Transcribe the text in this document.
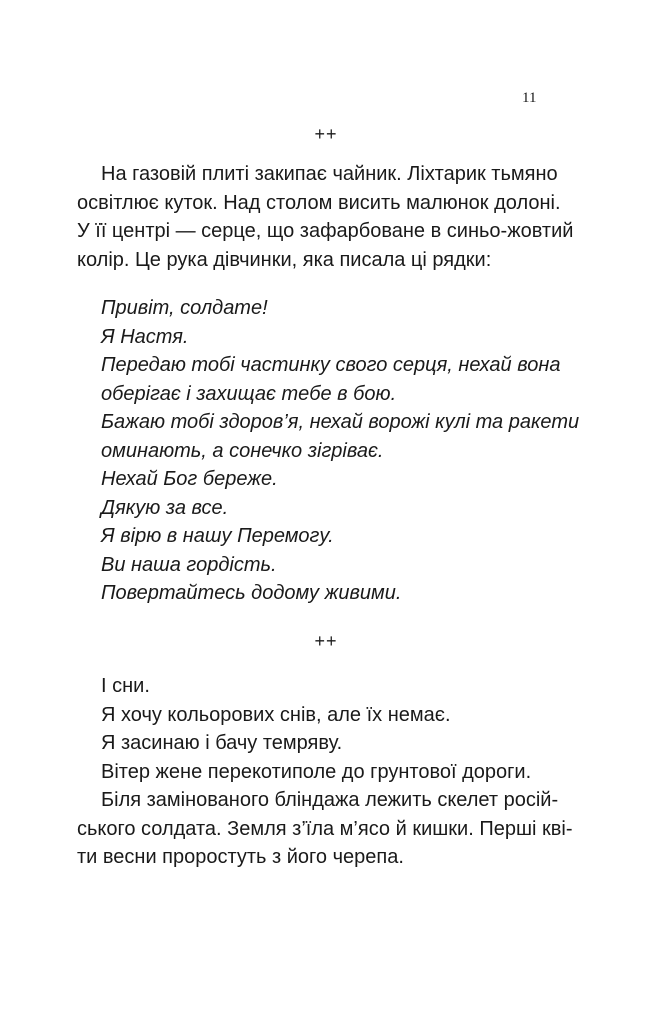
11
++
На газовій плиті закипає чайник. Ліхтарик тьмяно
освітлює куток. Над столом висить малюнок долоні.
У її центрі — серце, що зафарбоване в синьо-жовтий
колір. Це рука дівчинки, яка писала ці рядки:
Привіт, солдате!
Я Настя.
Передаю тобі частинку свого серця, нехай вона
оберігає і захищає тебе в бою.
Бажаю тобі здоров’я, нехай ворожі кулі та ракети
оминають, а сонечко зігріває.
Нехай Бог береже.
Дякую за все.
Я вірю в нашу Перемогу.
Ви наша гордість.
Повертайтесь додому живими.
++
І сни.
Я хочу кольорових снів, але їх немає.
Я засинаю і бачу темряву.
Вітер жене перекотиполе до грунтової дороги.
Біля замінованого бліндажа лежить скелет росій-
ського солдата. Земля з’їла м’ясо й кишки. Перші кві-
ти весни проростуть з його черепа.
